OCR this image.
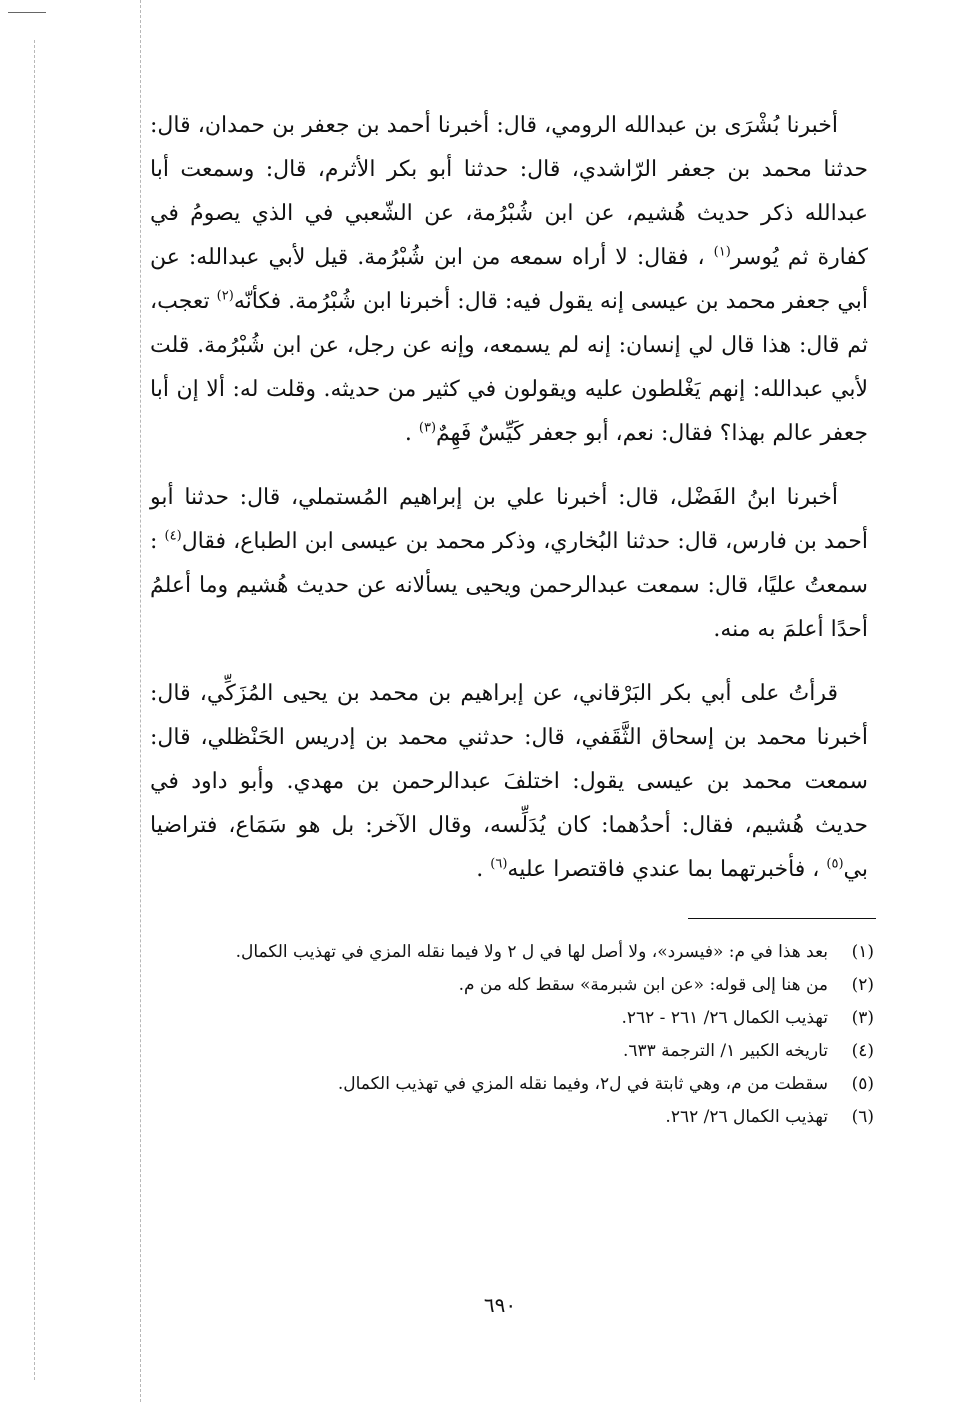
أخبرنا بُشْرَى بن عبدالله الرومي، قال: أخبرنا أحمد بن جعفر بن حمدان، قال: حدثنا محمد بن جعفر الرّاشدي، قال: حدثنا أبو بكر الأثرم، قال: وسمعت أبا عبدالله ذكر حديث هُشيم، عن ابن شُبْرُمة، عن الشّعبي في الذي يصومُ في كفارة ثم يُوسر$^{(١)}$ ، فقال: لا أراه سمعه من ابن شُبْرُمة. قيل لأبي عبدالله: عن أبي جعفر محمد بن عيسى إنه يقول فيه: قال: أخبرنا ابن شُبْرُمة. فكأنّه$^{(٢)}$ تعجب، ثم قال: هذا قال لي إنسان: إنه لم يسمعه، وإنه عن رجل، عن ابن شُبْرُمة. قلت لأبي عبدالله: إنهم يَغْلطون عليه ويقولون في كثير من حديثه. وقلت له: ألا إن أبا جعفر عالم بهذا؟ فقال: نعم، أبو جعفر كَيِّسٌ فَهِمٌ$^{(٣)}$ .

أخبرنا ابنُ الفَضْل، قال: أخبرنا علي بن إبراهيم المُستملي، قال: حدثنا أبو أحمد بن فارس، قال: حدثنا البُخاري، وذكر محمد بن عيسى ابن الطباع، فقال$^{(٤)}$ : سمعتُ عليًا، قال: سمعت عبدالرحمن ويحيى يسألانه عن حديث هُشيم وما أعلمُ أحدًا أعلمَ به منه.

قرأتُ على أبي بكر البَرْقاني، عن إبراهيم بن محمد بن يحيى المُزَكِّي، قال: أخبرنا محمد بن إسحاق الثَّقَفي، قال: حدثني محمد بن إدريس الحَنْظلي، قال: سمعت محمد بن عيسى يقول: اختلفَ عبدالرحمن بن مهدي. وأبو داود في حديث هُشيم، فقال: أحدُهما: كان يُدَلِّسه، وقال الآخر: بل هو سَمَاع، فتراضيا بي$^{(٥)}$ ، فأخبرتهما بما عندي فاقتصرا عليه$^{(٦)}$ .

(١)
بعد هذا في م: «فيسرد»، ولا أصل لها في ل ٢ ولا فيما نقله المزي في تهذيب الكمال.
(٢)
من هنا إلى قوله: «عن ابن شبرمة» سقط كله من م.
(٣)
تهذيب الكمال ٢٦/ ٢٦١ - ٢٦٢.
(٤)
تاريخه الكبير ١/ الترجمة ٦٣٣.
(٥)
سقطت من م، وهي ثابتة في ل٢، وفيما نقله المزي في تهذيب الكمال.
(٦)
تهذيب الكمال ٢٦/ ٢٦٢.
٦٩٠
